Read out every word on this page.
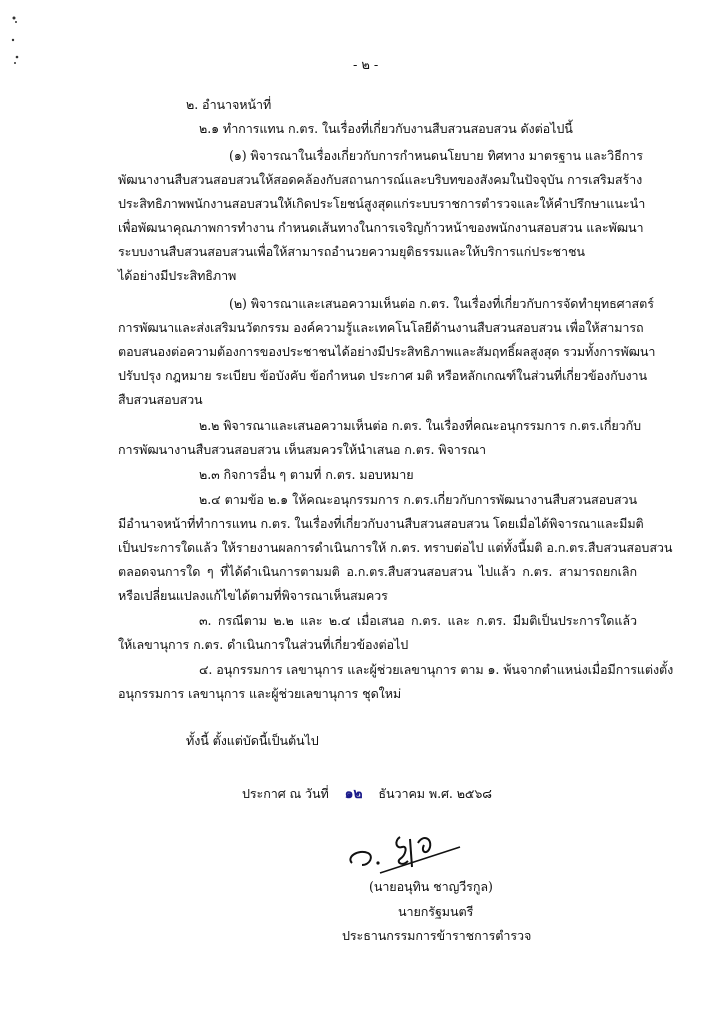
- ๒ -
๒. อำนาจหน้าที่
๒.๑ ทำการแทน ก.ตร. ในเรื่องที่เกี่ยวกับงานสืบสวนสอบสวน ดังต่อไปนี้
(๑) พิจารณาในเรื่องเกี่ยวกับการกำหนดนโยบาย ทิศทาง มาตรฐาน และวิธีการ
พัฒนางานสืบสวนสอบสวนให้สอดคล้องกับสถานการณ์และบริบทของสังคมในปัจจุบัน การเสริมสร้าง
ประสิทธิภาพพนักงานสอบสวนให้เกิดประโยชน์สูงสุดแก่ระบบราชการตำรวจและให้คำปรึกษาแนะนำ
เพื่อพัฒนาคุณภาพการทำงาน กำหนดเส้นทางในการเจริญก้าวหน้าของพนักงานสอบสวน และพัฒนา
ระบบงานสืบสวนสอบสวนเพื่อให้สามารถอำนวยความยุติธรรมและให้บริการแก่ประชาชน
ได้อย่างมีประสิทธิภาพ
(๒) พิจารณาและเสนอความเห็นต่อ ก.ตร. ในเรื่องที่เกี่ยวกับการจัดทำยุทธศาสตร์
การพัฒนาและส่งเสริมนวัตกรรม องค์ความรู้และเทคโนโลยีด้านงานสืบสวนสอบสวน เพื่อให้สามารถ
ตอบสนองต่อความต้องการของประชาชนได้อย่างมีประสิทธิภาพและสัมฤทธิ์ผลสูงสุด รวมทั้งการพัฒนา
ปรับปรุง กฎหมาย ระเบียบ ข้อบังคับ ข้อกำหนด ประกาศ มติ หรือหลักเกณฑ์ในส่วนที่เกี่ยวข้องกับงาน
สืบสวนสอบสวน
๒.๒ พิจารณาและเสนอความเห็นต่อ ก.ตร. ในเรื่องที่คณะอนุกรรมการ ก.ตร.เกี่ยวกับ
การพัฒนางานสืบสวนสอบสวน เห็นสมควรให้นำเสนอ ก.ตร. พิจารณา
๒.๓ กิจการอื่น ๆ ตามที่ ก.ตร. มอบหมาย
๒.๔ ตามข้อ ๒.๑ ให้คณะอนุกรรมการ ก.ตร.เกี่ยวกับการพัฒนางานสืบสวนสอบสวน
มีอำนาจหน้าที่ทำการแทน ก.ตร. ในเรื่องที่เกี่ยวกับงานสืบสวนสอบสวน โดยเมื่อได้พิจารณาและมีมติ
เป็นประการใดแล้ว ให้รายงานผลการดำเนินการให้ ก.ตร. ทราบต่อไป แต่ทั้งนี้มติ อ.ก.ตร.สืบสวนสอบสวน
ตลอดจนการใด ๆ ที่ได้ดำเนินการตามมติ อ.ก.ตร.สืบสวนสอบสวน ไปแล้ว ก.ตร. สามารถยกเลิก
หรือเปลี่ยนแปลงแก้ไขได้ตามที่พิจารณาเห็นสมควร
๓. กรณีตาม ๒.๒ และ ๒.๔ เมื่อเสนอ ก.ตร. และ ก.ตร. มีมติเป็นประการใดแล้ว
ให้เลขานุการ ก.ตร. ดำเนินการในส่วนที่เกี่ยวข้องต่อไป
๔. อนุกรรมการ เลขานุการ และผู้ช่วยเลขานุการ ตาม ๑. พ้นจากตำแหน่งเมื่อมีการแต่งตั้ง
อนุกรรมการ เลขานุการ และผู้ช่วยเลขานุการ ชุดใหม่
ทั้งนี้ ตั้งแต่บัดนี้เป็นต้นไป
ประกาศ ณ วันที่ ๑๒ ธันวาคม พ.ศ. ๒๕๖๘
(นายอนุทิน ชาญวีรกูล)
นายกรัฐมนตรี
ประธานกรรมการข้าราชการตำรวจ
